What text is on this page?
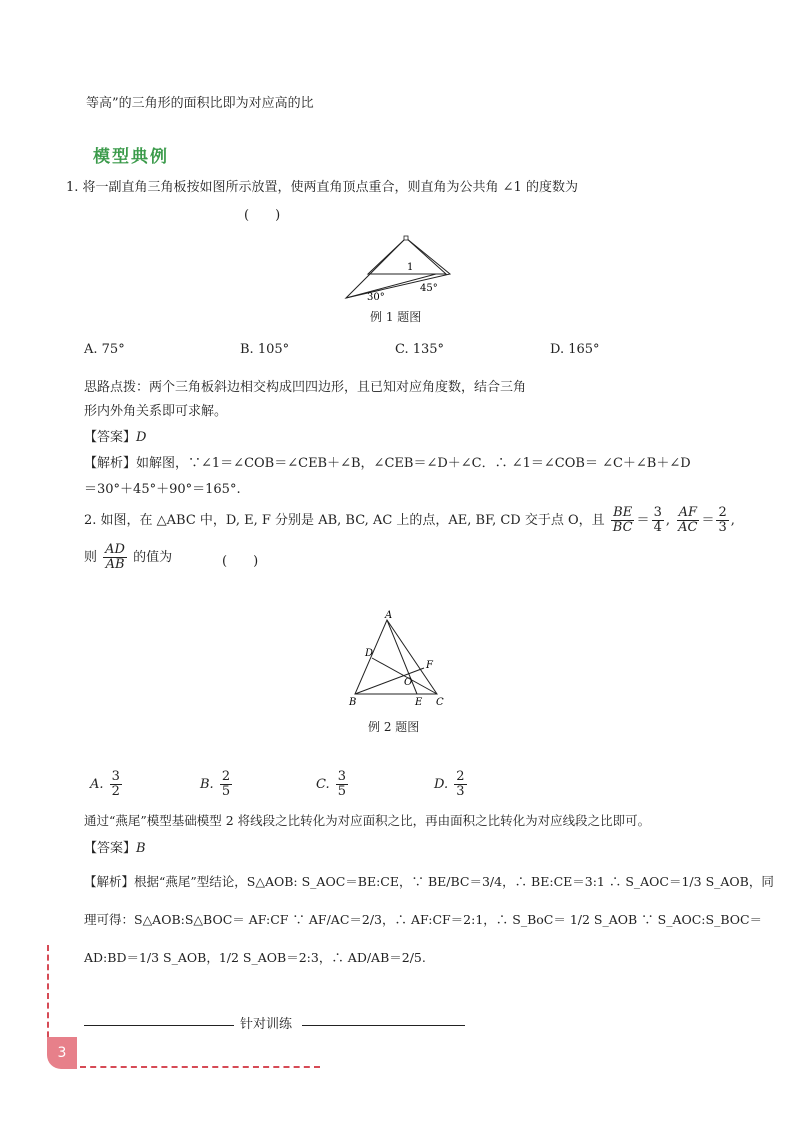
等高”的三角形的面积比即为对应高的比
模型典例
1. 将一副直角三角板按如图所示放置，使两直角顶点重合，则直角为公共角 ∠1 的度数为
(　　)
1
30°
45°
例 1 题图
A. 75°	B. 105°	C. 135°	D. 165°
思路点拨：两个三角板斜边相交构成凹四边形，且已知对应角度数，结合三角
形内外角关系即可求解。
【答案】D
【解析】如解图，∵∠1＝∠COB＝∠CEB＋∠B，∠CEB＝∠D＋∠C．∴ ∠1＝∠COB＝ ∠C＋∠B＋∠D
＝30°＋45°＋90°＝165°.
2. 如图，在 △ABC 中，D, E, F 分别是 AB, BC, AC 上的点，AE, BF, CD 交于点 O，且 $\frac{BE}{BC} = \frac{3}{4}$ , $\frac{AF}{AC} = \frac{2}{3}$ ,
则 $\frac{AD}{AB}$ 的值为	(　　)
A
D
F
O
B	E C
例 2 题图
A. $\frac{3}{2}$	B. $\frac{2}{5}$	C. $\frac{3}{5}$	D. $\frac{2}{3}$
通过“燕尾”模型基础模型 2 将线段之比转化为对应面积之比，再由面积之比转化为对应线段之比即可。
【答案】B
【解析】根据“燕尾”型结论，S△AOB: S_AOC＝BE:CE，∵ BE/BC＝3/4，∴ BE:CE＝3:1 ∴ S_AOC＝1/3 S_AOB，同
理可得：S△AOB:S△BOC＝ AF:CF ∵ AF/AC＝2/3，∴ AF:CF＝2:1，∴ S_BoC＝ 1/2 S_AOB ∵ S_AOC:S_BOC＝
AD:BD＝1/3 S_AOB，1/2 S_AOB＝2:3，∴ AD/AB＝2/5.
针对训练
3
